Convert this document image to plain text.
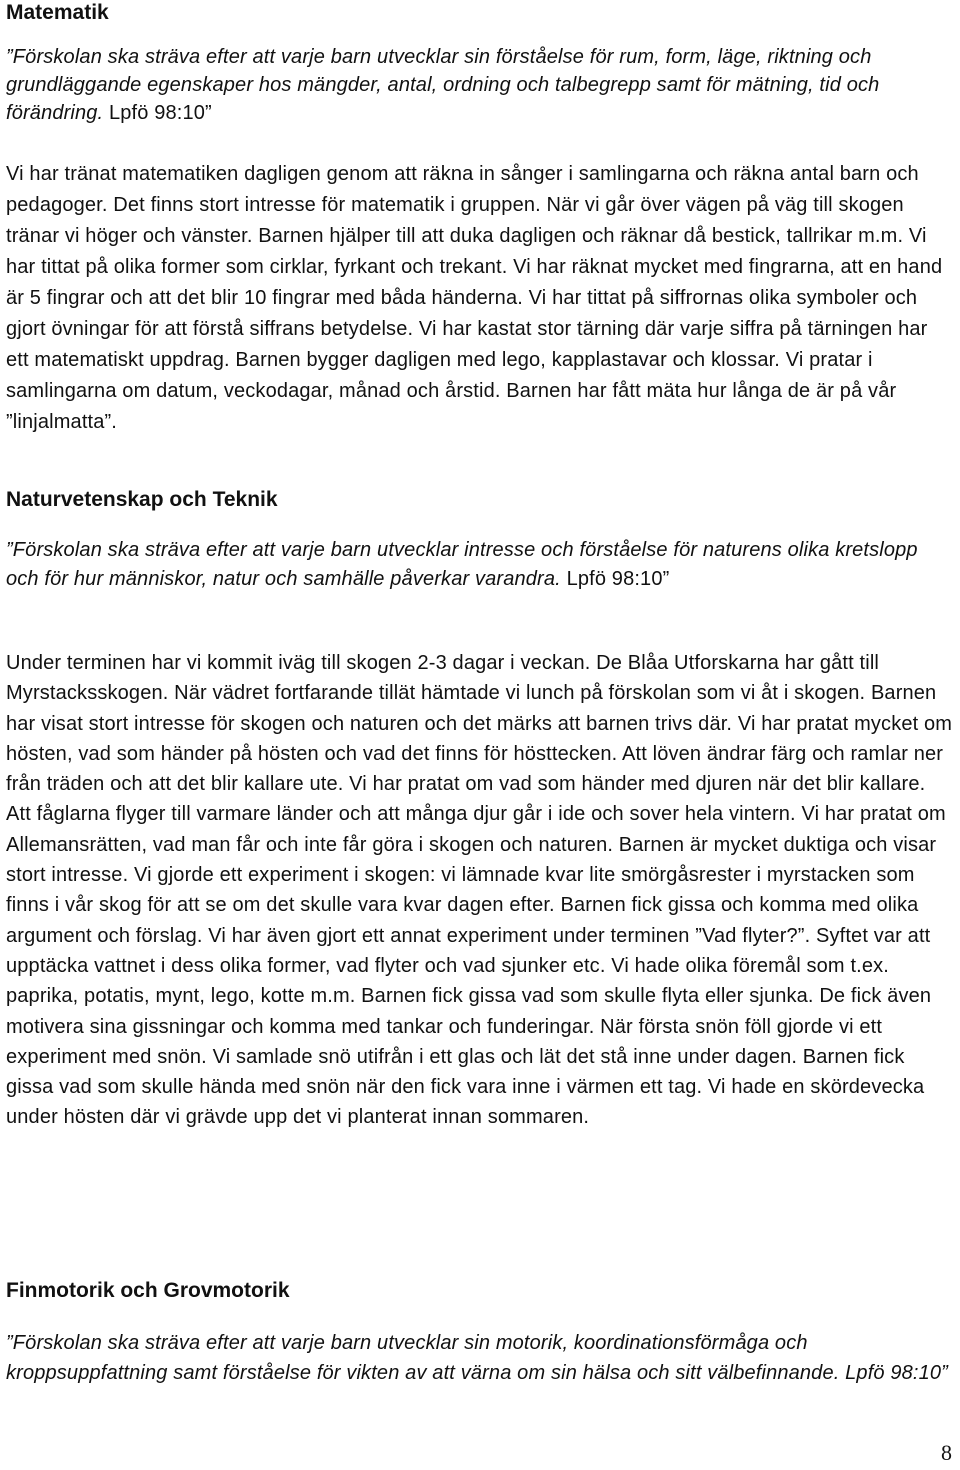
Matematik

”Förskolan ska sträva efter att varje barn utvecklar sin förståelse för rum, form, läge, riktning och grundläggande egenskaper hos mängder, antal, ordning och talbegrepp samt för mätning, tid och förändring. Lpfö 98:10”

Vi har tränat matematiken dagligen genom att räkna in sånger i samlingarna och räkna antal barn och pedagoger. Det finns stort intresse för matematik i gruppen. När vi går över vägen på väg till skogen tränar vi höger och vänster. Barnen hjälper till att duka dagligen och räknar då bestick, tallrikar m.m. Vi har tittat på olika former som cirklar, fyrkant och trekant. Vi har räknat mycket med fingrarna, att en hand är 5 fingrar och att det blir 10 fingrar med båda händerna. Vi har tittat på siffrornas olika symboler och gjort övningar för att förstå siffrans betydelse. Vi har kastat stor tärning där varje siffra på tärningen har ett matematiskt uppdrag. Barnen bygger dagligen med lego, kapplastavar och klossar. Vi pratar i samlingarna om datum, veckodagar, månad och årstid. Barnen har fått mäta hur långa de är på vår ”linjalmatta”.

Naturvetenskap och Teknik

”Förskolan ska sträva efter att varje barn utvecklar intresse och förståelse för naturens olika kretslopp och för hur människor, natur och samhälle påverkar varandra. Lpfö 98:10”

Under terminen har vi kommit iväg till skogen 2-3 dagar i veckan. De Blåa Utforskarna har gått till Myrstacksskogen. När vädret fortfarande tillät hämtade vi lunch på förskolan som vi åt i skogen. Barnen har visat stort intresse för skogen och naturen och det märks att barnen trivs där. Vi har pratat mycket om hösten, vad som händer på hösten och vad det finns för hösttecken. Att löven ändrar färg och ramlar ner från träden och att det blir kallare ute. Vi har pratat om vad som händer med djuren när det blir kallare. Att fåglarna flyger till varmare länder och att många djur går i ide och sover hela vintern. Vi har pratat om Allemansrätten, vad man får och inte får göra i skogen och naturen. Barnen är mycket duktiga och visar stort intresse. Vi gjorde ett experiment i skogen: vi lämnade kvar lite smörgåsrester i myrstacken som finns i vår skog för att se om det skulle vara kvar dagen efter. Barnen fick gissa och komma med olika argument och förslag. Vi har även gjort ett annat experiment under terminen ”Vad flyter?”. Syftet var att upptäcka vattnet i dess olika former, vad flyter och vad sjunker etc. Vi hade olika föremål som t.ex. paprika, potatis, mynt, lego, kotte m.m. Barnen fick gissa vad som skulle flyta eller sjunka. De fick även motivera sina gissningar och komma med tankar och funderingar. När första snön föll gjorde vi ett experiment med snön. Vi samlade snö utifrån i ett glas och lät det stå inne under dagen. Barnen fick gissa vad som skulle hända med snön när den fick vara inne i värmen ett tag. Vi hade en skördevecka under hösten där vi grävde upp det vi planterat innan sommaren.

Finmotorik och Grovmotorik

”Förskolan ska sträva efter att varje barn utvecklar sin motorik, koordinationsförmåga och kroppsuppfattning samt förståelse för vikten av att värna om sin hälsa och sitt välbefinnande. Lpfö 98:10”

8
